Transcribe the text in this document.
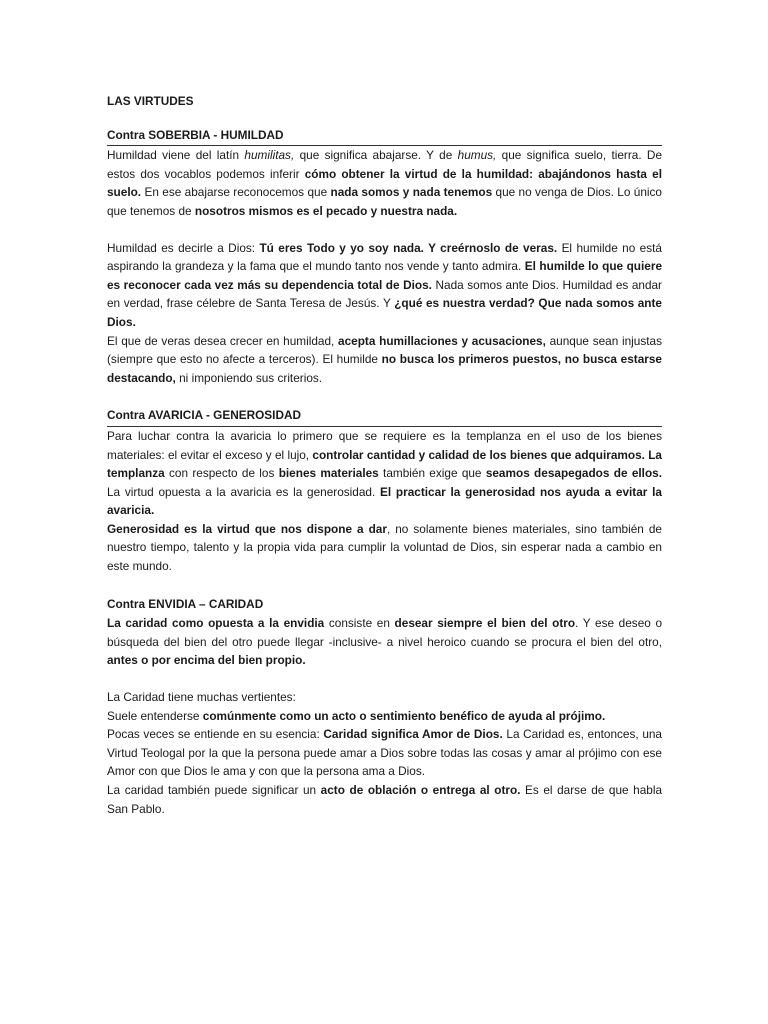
LAS VIRTUDES
Contra SOBERBIA - HUMILDAD

Humildad viene del latín humilitas, que significa abajarse. Y de humus, que significa suelo, tierra. De estos dos vocablos podemos inferir cómo obtener la virtud de la humildad: abajándonos hasta el suelo. En ese abajarse reconocemos que nada somos y nada tenemos que no venga de Dios. Lo único que tenemos de nosotros mismos es el pecado y nuestra nada.

Humildad es decirle a Dios: Tú eres Todo y yo soy nada. Y creérnoslo de veras. El humilde no está aspirando la grandeza y la fama que el mundo tanto nos vende y tanto admira. El humilde lo que quiere es reconocer cada vez más su dependencia total de Dios. Nada somos ante Dios. Humildad es andar en verdad, frase célebre de Santa Teresa de Jesús. Y ¿qué es nuestra verdad? Que nada somos ante Dios.

El que de veras desea crecer en humildad, acepta humillaciones y acusaciones, aunque sean injustas (siempre que esto no afecte a terceros). El humilde no busca los primeros puestos, no busca estarse destacando, ni imponiendo sus criterios.

Contra AVARICIA - GENEROSIDAD

Para luchar contra la avaricia lo primero que se requiere es la templanza en el uso de los bienes materiales: el evitar el exceso y el lujo, controlar cantidad y calidad de los bienes que adquiramos. La templanza con respecto de los bienes materiales también exige que seamos desapegados de ellos. La virtud opuesta a la avaricia es la generosidad. El practicar la generosidad nos ayuda a evitar la avaricia.

Generosidad es la virtud que nos dispone a dar, no solamente bienes materiales, sino también de nuestro tiempo, talento y la propia vida para cumplir la voluntad de Dios, sin esperar nada a cambio en este mundo.

Contra ENVIDIA – CARIDAD

La caridad como opuesta a la envidia consiste en desear siempre el bien del otro. Y ese deseo o búsqueda del bien del otro puede llegar -inclusive- a nivel heroico cuando se procura el bien del otro, antes o por encima del bien propio.

La Caridad tiene muchas vertientes:

Suele entenderse comúnmente como un acto o sentimiento benéfico de ayuda al prójimo.

Pocas veces se entiende en su esencia: Caridad significa Amor de Dios. La Caridad es, entonces, una Virtud Teologal por la que la persona puede amar a Dios sobre todas las cosas y amar al prójimo con ese Amor con que Dios le ama y con que la persona ama a Dios.

La caridad también puede significar un acto de oblación o entrega al otro. Es el darse de que habla San Pablo.
